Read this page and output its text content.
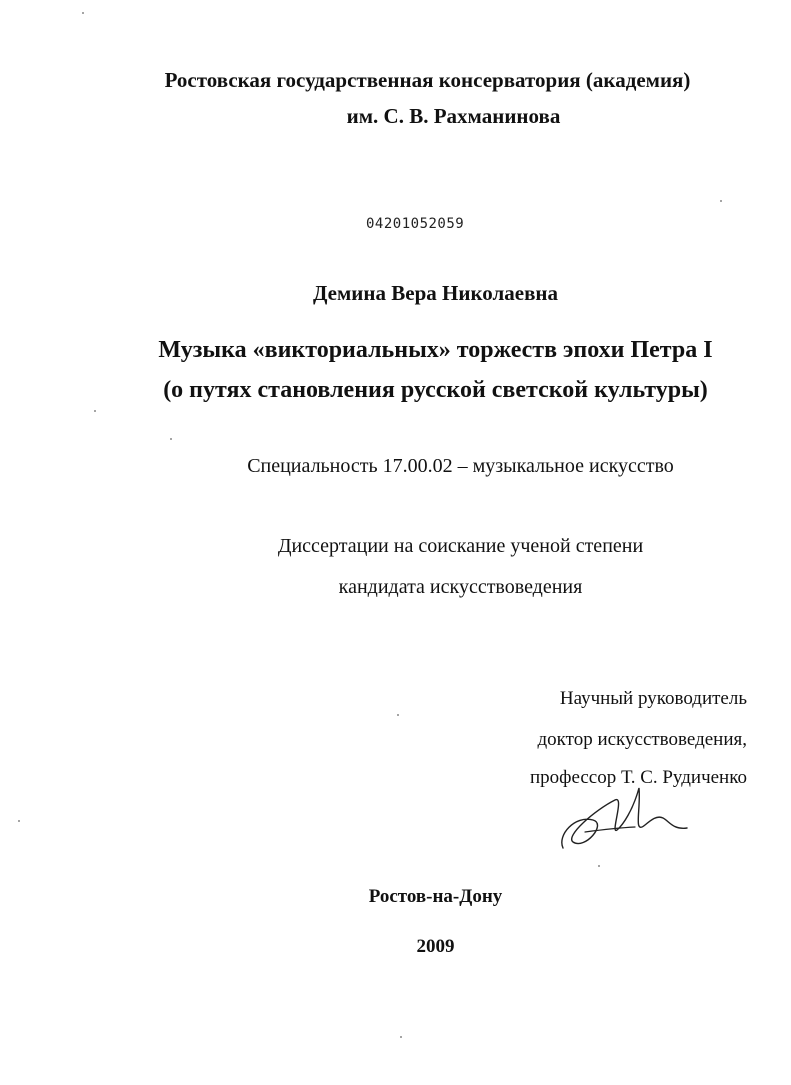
Ростовская государственная консерватория (академия)
им. С. В. Рахманинова
04201052059
Демина Вера Николаевна
Музыка «викториальных» торжеств эпохи Петра I
(о путях становления русской светской культуры)
Специальность 17.00.02 – музыкальное искусство
Диссертации на соискание ученой степени
кандидата искусствоведения
Научный руководитель
доктор искусствоведения,
профессор Т. С. Рудиченко
Ростов-на-Дону
2009
